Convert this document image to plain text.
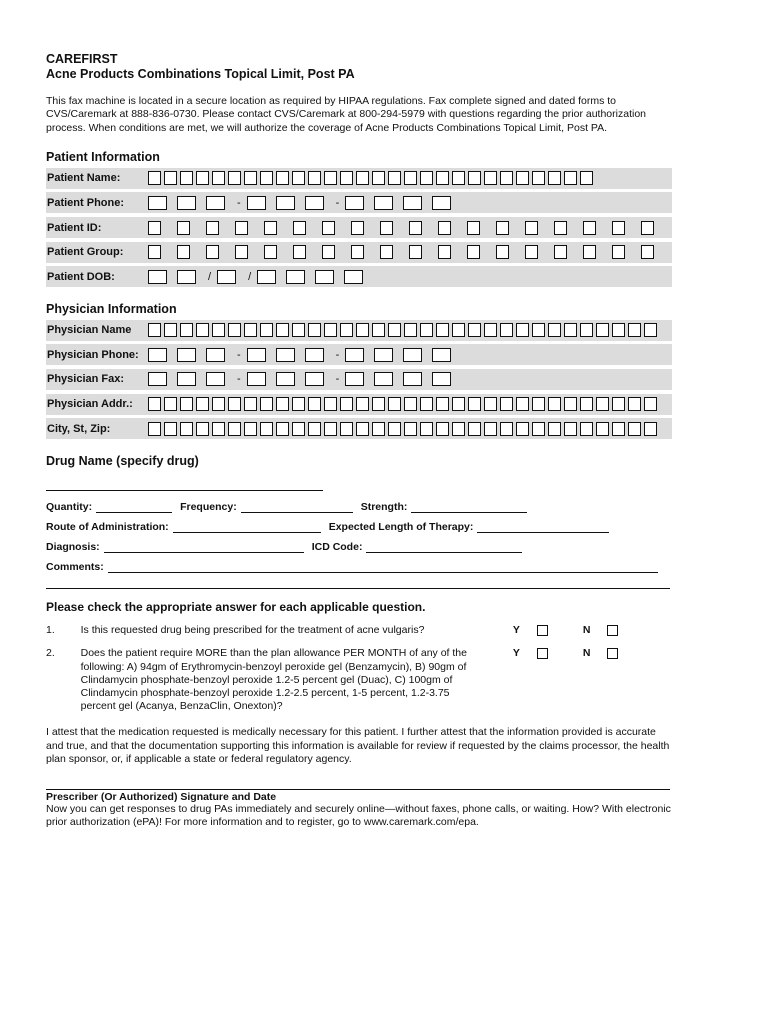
CAREFIRST
Acne Products Combinations Topical Limit, Post PA
This fax machine is located in a secure location as required by HIPAA regulations. Fax complete signed and dated forms to CVS/Caremark at 888-836-0730. Please contact CVS/Caremark at 800-294-5979 with questions regarding the prior authorization process. When conditions are met, we will authorize the coverage of Acne Products Combinations Topical Limit, Post PA.
Patient Information
Patient Name:
Patient Phone:	-	-
Patient ID:
Patient Group:
Patient DOB:	/	/
Physician Information
Physician Name
Physician Phone:	-	-
Physician Fax:	-	-
Physician Addr.:
City, St, Zip:
Drug Name (specify drug)
Quantity:	Frequency:	Strength:
Route of Administration:	Expected Length of Therapy:
Diagnosis:	ICD Code:
Comments:
Please check the appropriate answer for each applicable question.
1.	Is this requested drug being prescribed for the treatment of acne vulgaris?	Y	N
2.	Does the patient require MORE than the plan allowance PER MONTH of any of the following: A) 94gm of Erythromycin-benzoyl peroxide gel (Benzamycin), B) 90gm of Clindamycin phosphate-benzoyl peroxide 1.2-5 percent gel (Duac), C) 100gm of Clindamycin phosphate-benzoyl peroxide 1.2-2.5 percent, 1-5 percent, 1.2-3.75 percent gel (Acanya, BenzaClin, Onexton)?
Y	N
I attest that the medication requested is medically necessary for this patient. I further attest that the information provided is accurate and true, and that the documentation supporting this information is available for review if requested by the claims processor, the health plan sponsor, or, if applicable a state or federal regulatory agency.
Prescriber (Or Authorized) Signature and Date
Now you can get responses to drug PAs immediately and securely online—without faxes, phone calls, or waiting. How? With electronic prior authorization (ePA)! For more information and to register, go to www.caremark.com/epa.
